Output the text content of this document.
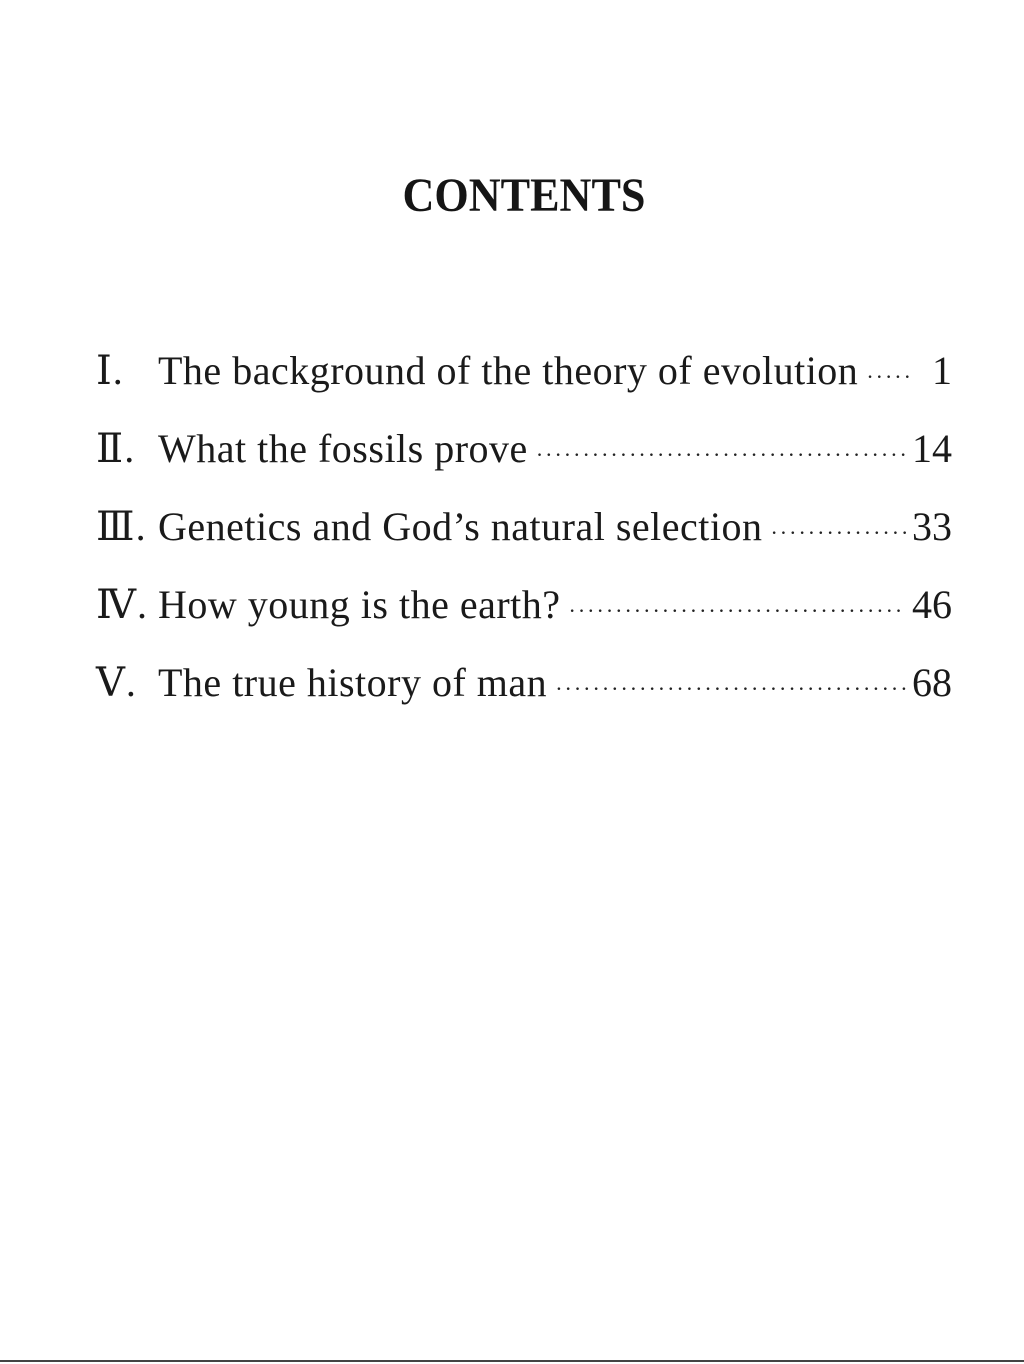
CONTENTS
Ⅰ. The background of the theory of evolution ·····	1
Ⅱ. What the fossils prove ·····	14
Ⅲ. Genetics and God’s natural selection ·····	33
Ⅳ. How young is the earth? ·····	46
Ⅴ. The true history of man ·····	68
